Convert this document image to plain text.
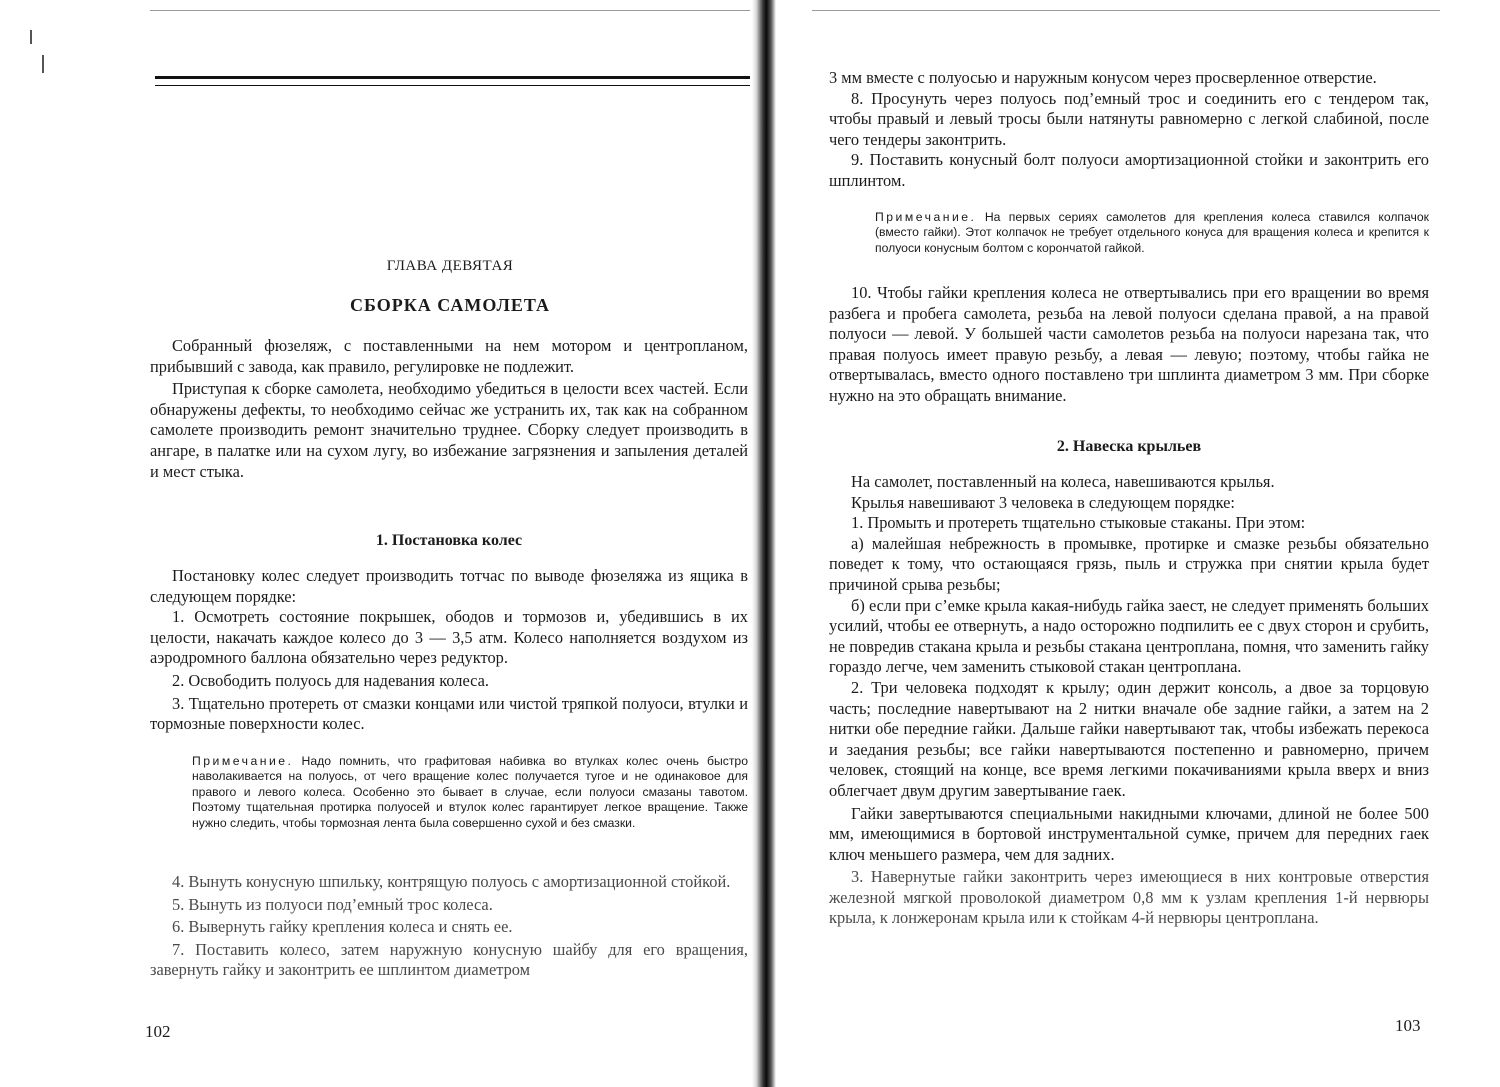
ГЛАВА ДЕВЯТАЯ
СБОРКА САМОЛЕТА

Собранный фюзеляж, с поставленными на нем мотором и центропланом, прибывший с завода, как правило, регулировке не подлежит.

Приступая к сборке самолета, необходимо убедиться в целости всех частей. Если обнаружены дефекты, то необходимо сейчас же устранить их, так как на собранном самолете производить ремонт значительно труднее. Сборку следует производить в ангаре, в палатке или на сухом лугу, во избежание загрязнения и запыления деталей и мест стыка.

1. Постановка колес

Постановку колес следует производить тотчас по выводе фюзеляжа из ящика в следующем порядке:

1. Осмотреть состояние покрышек, ободов и тормозов и, убедившись в их целости, накачать каждое колесо до 3 — 3,5 атм. Колесо наполняется воздухом из аэродромного баллона обязательно через редуктор.

2. Освободить полуось для надевания колеса.

3. Тщательно протереть от смазки концами или чистой тряпкой полуоси, втулки и тормозные поверхности колес.

Примечание. Надо помнить, что графитовая набивка во втулках колес очень быстро наволакивается на полуось, от чего вращение колес получается тугое и не одинаковое для правого и левого колеса. Особенно это бывает в случае, если полуоси смазаны тавотом. Поэтому тщательная протирка полуосей и втулок колес гарантирует легкое вращение. Также нужно следить, чтобы тормозная лента была совершенно сухой и без смазки.

4. Вынуть конусную шпильку, контрящую полуось с амортизационной стойкой.

5. Вынуть из полуоси под’емный трос колеса.

6. Вывернуть гайку крепления колеса и снять ее.

7. Поставить колесо, затем наружную конусную шайбу для его вращения, завернуть гайку и законтрить ее шплинтом диаметром

102

3 мм вместе с полуосью и наружным конусом через просверленное отверстие.

8. Просунуть через полуось под’емный трос и соединить его с тендером так, чтобы правый и левый тросы были натянуты равномерно с легкой слабиной, после чего тендеры законтрить.

9. Поставить конусный болт полуоси амортизационной стойки и законтрить его шплинтом.

Примечание. На первых сериях самолетов для крепления колеса ставился колпачок (вместо гайки). Этот колпачок не требует отдельного конуса для вращения колеса и крепится к полуоси конусным болтом с корончатой гайкой.

10. Чтобы гайки крепления колеса не отвертывались при его вращении во время разбега и пробега самолета, резьба на левой полуоси сделана правой, а на правой полуоси — левой. У большей части самолетов резьба на полуоси нарезана так, что правая полуось имеет правую резьбу, а левая — левую; поэтому, чтобы гайка не отвертывалась, вместо одного поставлено три шплинта диаметром 3 мм. При сборке нужно на это обращать внимание.

2. Навеска крыльев

На самолет, поставленный на колеса, навешиваются крылья.

Крылья навешивают 3 человека в следующем порядке:

1. Промыть и протереть тщательно стыковые стаканы. При этом:

а) малейшая небрежность в промывке, протирке и смазке резьбы обязательно поведет к тому, что остающаяся грязь, пыль и стружка при снятии крыла будет причиной срыва резьбы;

б) если при с’емке крыла какая-нибудь гайка заест, не следует применять больших усилий, чтобы ее отвернуть, а надо осторожно подпилить ее с двух сторон и срубить, не повредив стакана крыла и резьбы стакана центроплана, помня, что заменить гайку гораздо легче, чем заменить стыковой стакан центроплана.

2. Три человека подходят к крылу; один держит консоль, а двое за торцовую часть; последние навертывают на 2 нитки вначале обе задние гайки, а затем на 2 нитки обе передние гайки. Дальше гайки навертывают так, чтобы избежать перекоса и заедания резьбы; все гайки навертываются постепенно и равномерно, причем человек, стоящий на конце, все время легкими покачиваниями крыла вверх и вниз облегчает двум другим завертывание гаек.

Гайки завертываются специальными накидными ключами, длиной не более 500 мм, имеющимися в бортовой инструментальной сумке, причем для передних гаек ключ меньшего размера, чем для задних.

3. Навернутые гайки законтрить через имеющиеся в них контровые отверстия железной мягкой проволокой диаметром 0,8 мм к узлам крепления 1-й нервюры крыла, к лонжеронам крыла или к стойкам 4-й нервюры центроплана.

103
